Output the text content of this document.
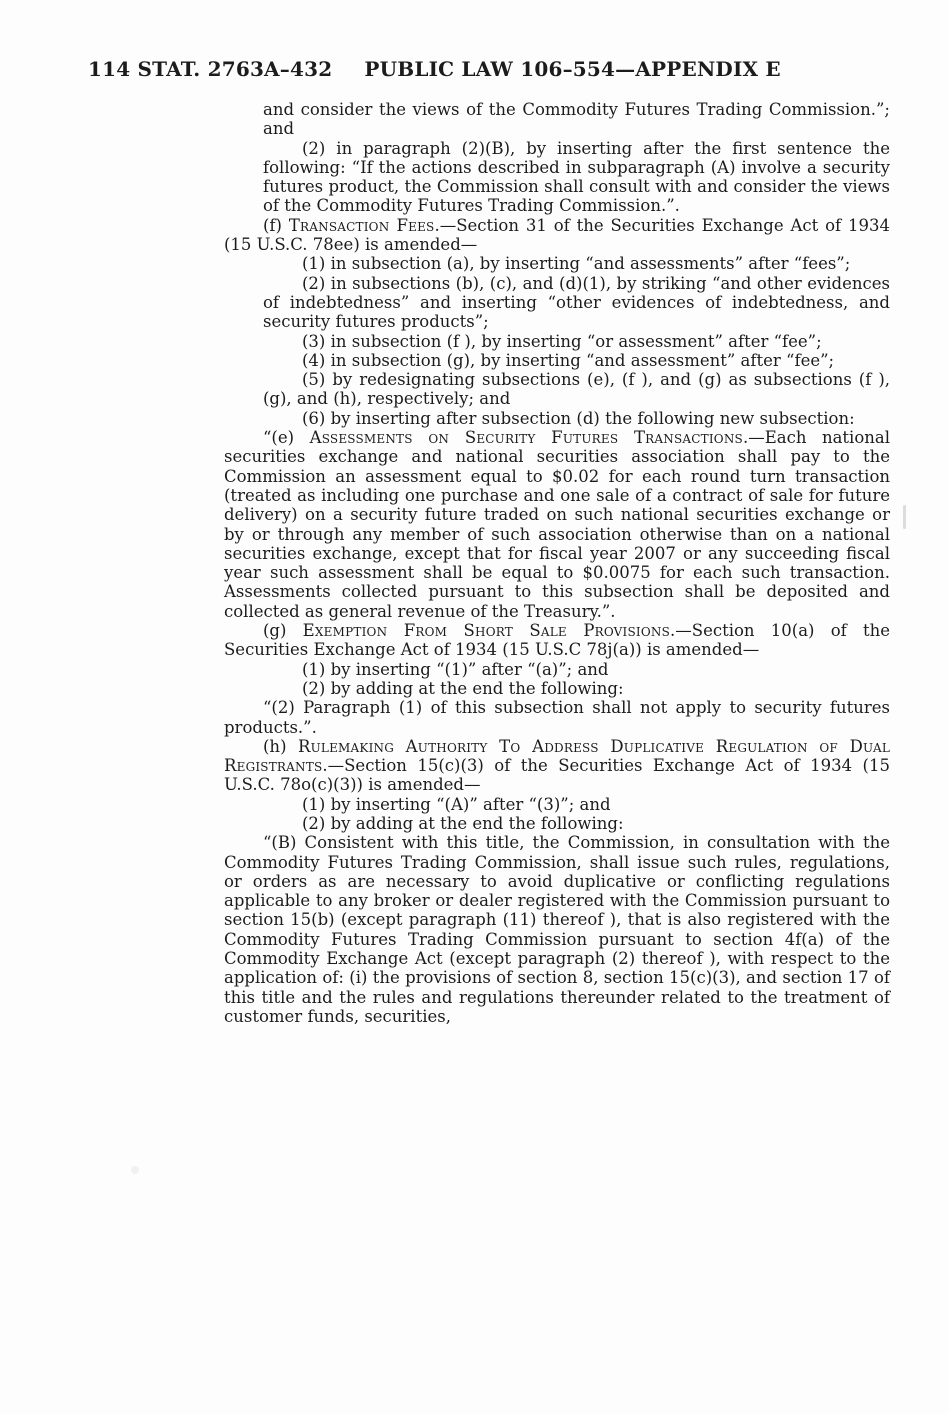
114 STAT. 2763A–432 PUBLIC LAW 106–554—APPENDIX E

and consider the views of the Commodity Futures Trading Commission.”; and

(2) in paragraph (2)(B), by inserting after the first sentence the following: “If the actions described in subparagraph (A) involve a security futures product, the Commission shall consult with and consider the views of the Commodity Futures Trading Commission.”.

(f) Transaction Fees.—Section 31 of the Securities Exchange Act of 1934 (15 U.S.C. 78ee) is amended—

(1) in subsection (a), by inserting “and assessments” after “fees”;

(2) in subsections (b), (c), and (d)(1), by striking “and other evidences of indebtedness” and inserting “other evidences of indebtedness, and security futures products”;

(3) in subsection (f ), by inserting “or assessment” after “fee”;

(4) in subsection (g), by inserting “and assessment” after “fee”;

(5) by redesignating subsections (e), (f ), and (g) as subsections (f ), (g), and (h), respectively; and

(6) by inserting after subsection (d) the following new subsection:

“(e) Assessments on Security Futures Transactions.—Each national securities exchange and national securities association shall pay to the Commission an assessment equal to $0.02 for each round turn transaction (treated as including one purchase and one sale of a contract of sale for future delivery) on a security future traded on such national securities exchange or by or through any member of such association otherwise than on a national securities exchange, except that for fiscal year 2007 or any succeeding fiscal year such assessment shall be equal to $0.0075 for each such transaction. Assessments collected pursuant to this subsection shall be deposited and collected as general revenue of the Treasury.”.

(g) Exemption From Short Sale Provisions.—Section 10(a) of the Securities Exchange Act of 1934 (15 U.S.C 78j(a)) is amended—

(1) by inserting “(1)” after “(a)”; and

(2) by adding at the end the following:

“(2) Paragraph (1) of this subsection shall not apply to security futures products.”.

(h) Rulemaking Authority To Address Duplicative Regulation of Dual Registrants.—Section 15(c)(3) of the Securities Exchange Act of 1934 (15 U.S.C. 78o(c)(3)) is amended—

(1) by inserting “(A)” after “(3)”; and

(2) by adding at the end the following:

“(B) Consistent with this title, the Commission, in consultation with the Commodity Futures Trading Commission, shall issue such rules, regulations, or orders as are necessary to avoid duplicative or conflicting regulations applicable to any broker or dealer registered with the Commission pursuant to section 15(b) (except paragraph (11) thereof ), that is also registered with the Commodity Futures Trading Commission pursuant to section 4f(a) of the Commodity Exchange Act (except paragraph (2) thereof ), with respect to the application of: (i) the provisions of section 8, section 15(c)(3), and section 17 of this title and the rules and regulations thereunder related to the treatment of customer funds, securities,
